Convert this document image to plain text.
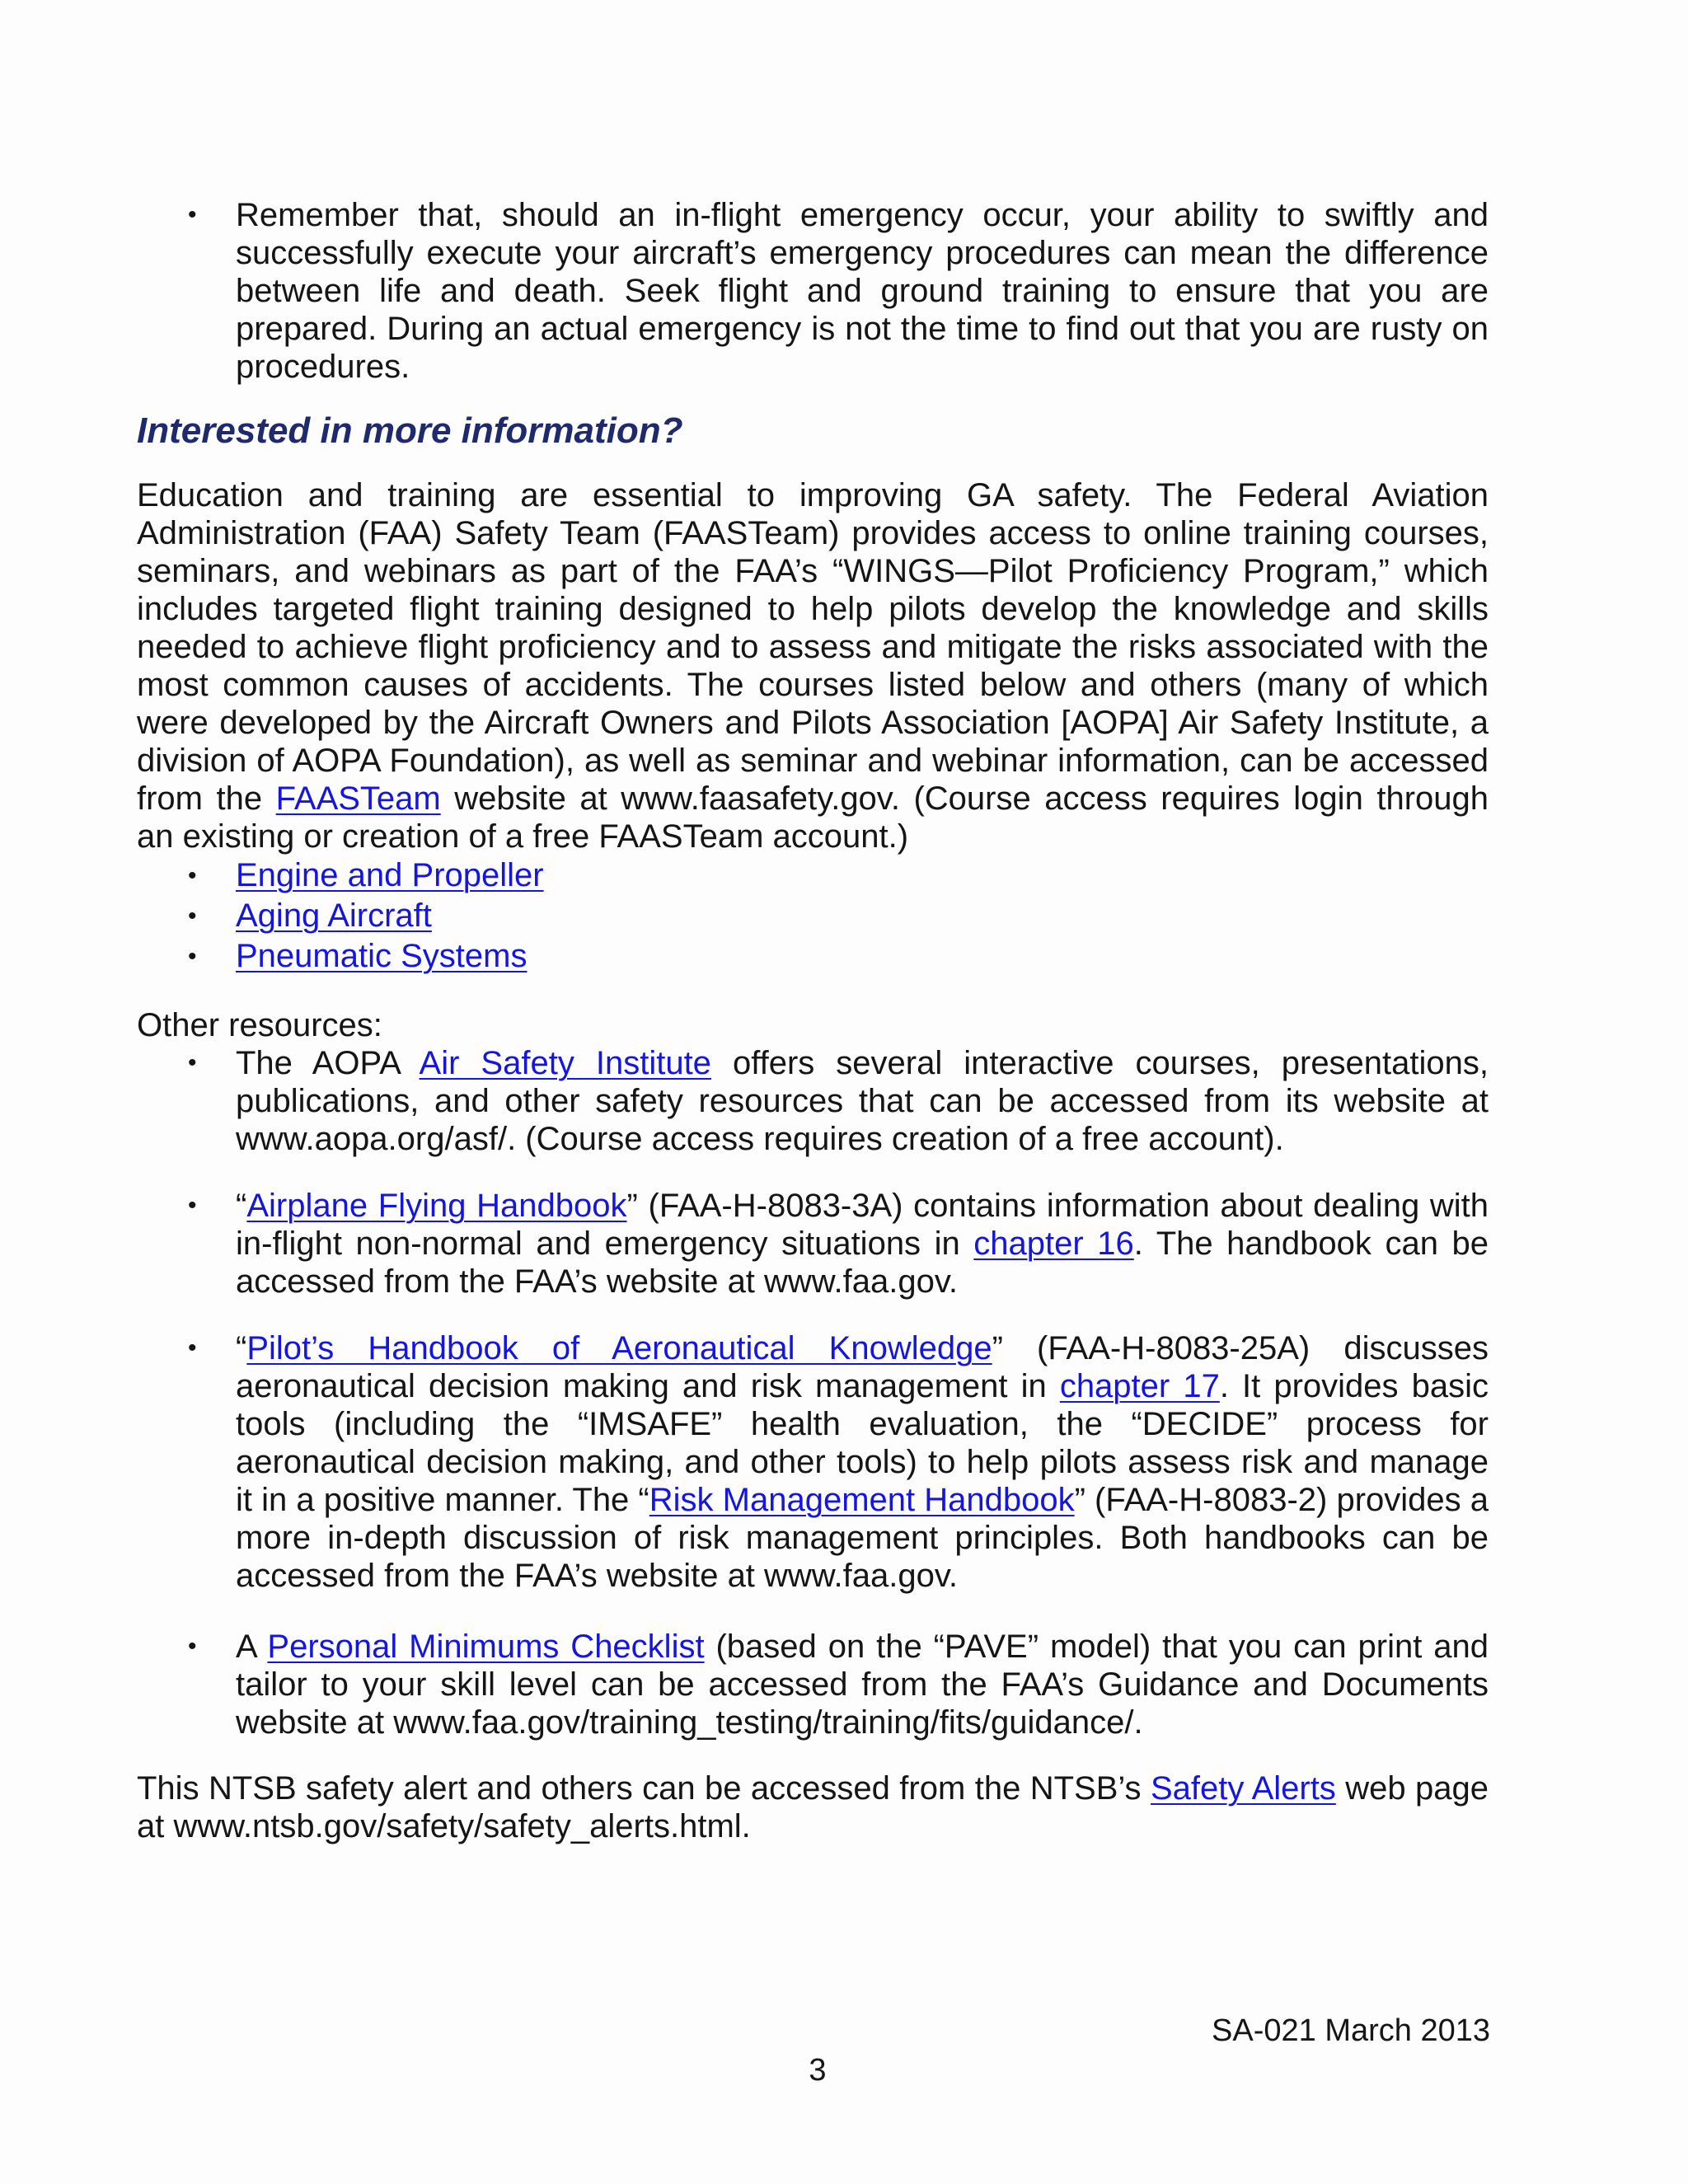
• Remember that, should an in-flight emergency occur, your ability to swiftly and successfully execute your aircraft’s emergency procedures can mean the difference between life and death. Seek flight and ground training to ensure that you are prepared. During an actual emergency is not the time to find out that you are rusty on procedures.
Interested in more information?

Education and training are essential to improving GA safety. The Federal Aviation Administration (FAA) Safety Team (FAASTeam) provides access to online training courses, seminars, and webinars as part of the FAA’s “WINGS—Pilot Proficiency Program,” which includes targeted flight training designed to help pilots develop the knowledge and skills needed to achieve flight proficiency and to assess and mitigate the risks associated with the most common causes of accidents. The courses listed below and others (many of which were developed by the Aircraft Owners and Pilots Association [AOPA] Air Safety Institute, a division of AOPA Foundation), as well as seminar and webinar information, can be accessed from the FAASTeam website at www.faasafety.gov. (Course access requires login through an existing or creation of a free FAASTeam account.)

• Engine and Propeller
• Aging Aircraft
• Pneumatic Systems

Other resources:

• The AOPA Air Safety Institute offers several interactive courses, presentations, publications, and other safety resources that can be accessed from its website at www.aopa.org/asf/. (Course access requires creation of a free account).
• “Airplane Flying Handbook” (FAA-H-8083-3A) contains information about dealing with in-flight non-normal and emergency situations in chapter 16. The handbook can be accessed from the FAA’s website at www.faa.gov.
• “Pilot’s Handbook of Aeronautical Knowledge” (FAA-H-8083-25A) discusses aeronautical decision making and risk management in chapter 17. It provides basic tools (including the “IMSAFE” health evaluation, the “DECIDE” process for aeronautical decision making, and other tools) to help pilots assess risk and manage it in a positive manner. The “Risk Management Handbook” (FAA-H-8083-2) provides a more in-depth discussion of risk management principles. Both handbooks can be accessed from the FAA’s website at www.faa.gov.
• A Personal Minimums Checklist (based on the “PAVE” model) that you can print and tailor to your skill level can be accessed from the FAA’s Guidance and Documents website at www.faa.gov/training_testing/training/fits/guidance/.

This NTSB safety alert and others can be accessed from the NTSB’s Safety Alerts web page at www.ntsb.gov/safety/safety_alerts.html.

SA-021 March 2013
3
